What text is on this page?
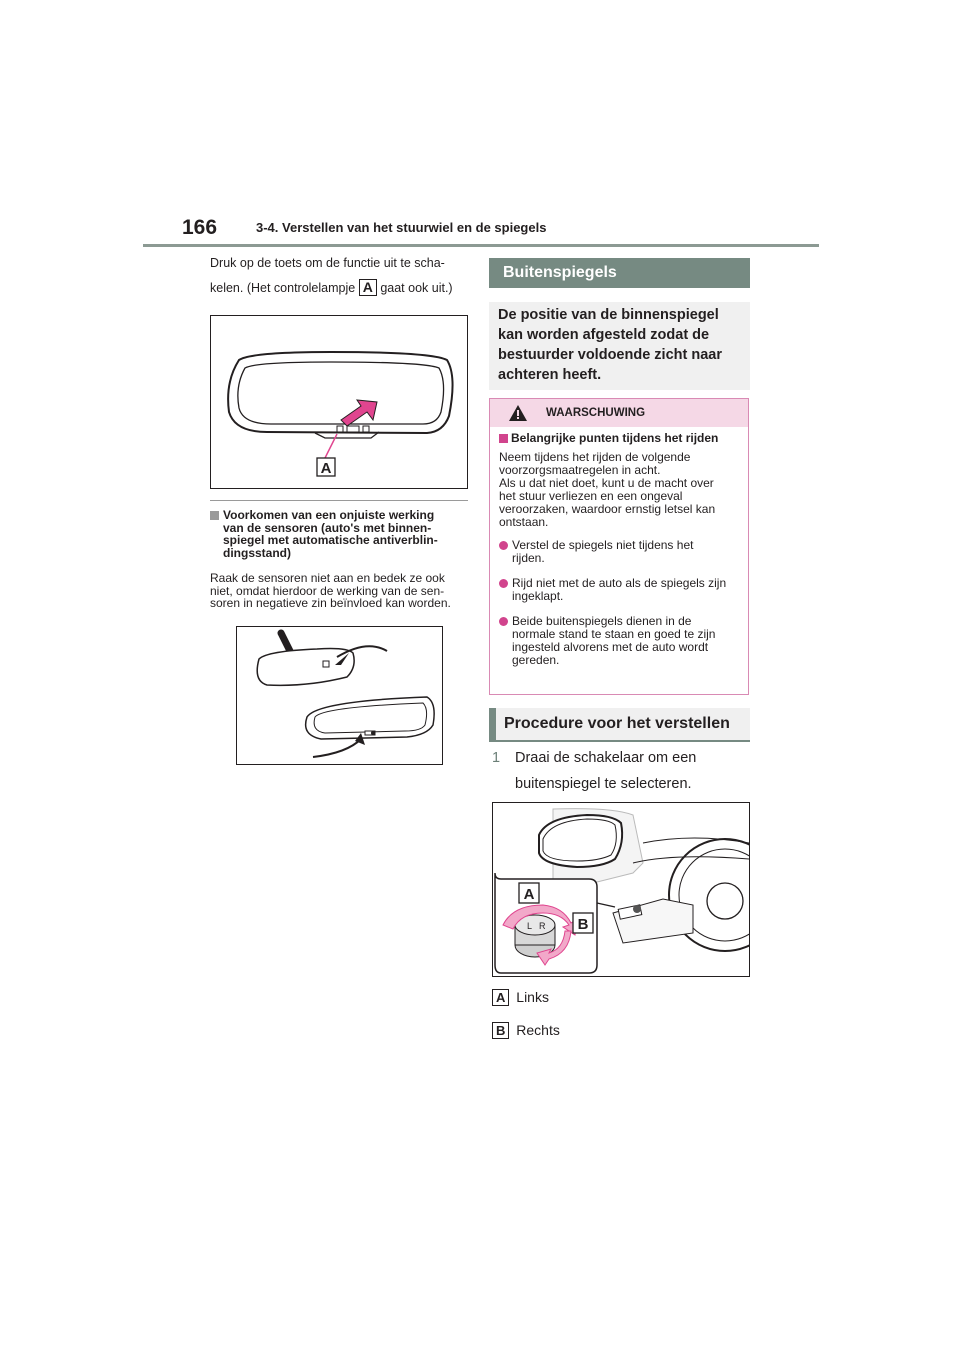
166	3-4. Verstellen van het stuurwiel en de spiegels
Druk op de toets om de functie uit te scha-
kelen. (Het controlelampje A gaat ook uit.)
A
Voorkomen van een onjuiste werking
van de sensoren (auto's met binnen-
spiegel met automatische antiverblin-
dingsstand)
Raak de sensoren niet aan en bedek ze ook
niet, omdat hierdoor de werking van de sen-
soren in negatieve zin beïnvloed kan worden.
Buitenspiegels
De positie van de binnenspiegel
kan worden afgesteld zodat de
bestuurder voldoende zicht naar
achteren heeft.
WAARSCHUWING
Belangrijke punten tijdens het rijden
Neem tijdens het rijden de volgende
voorzorgsmaatregelen in acht.
Als u dat niet doet, kunt u de macht over
het stuur verliezen en een ongeval
veroorzaken, waardoor ernstig letsel kan
ontstaan.
Verstel de spiegels niet tijdens het
rijden.
Rijd niet met de auto als de spiegels zijn
ingeklapt.
Beide buitenspiegels dienen in de
normale stand te staan en goed te zijn
ingesteld alvorens met de auto wordt
gereden.
Procedure voor het verstellen
1 Draai de schakelaar om een
buitenspiegel te selecteren.
L R
A
B
A Links
B Rechts
